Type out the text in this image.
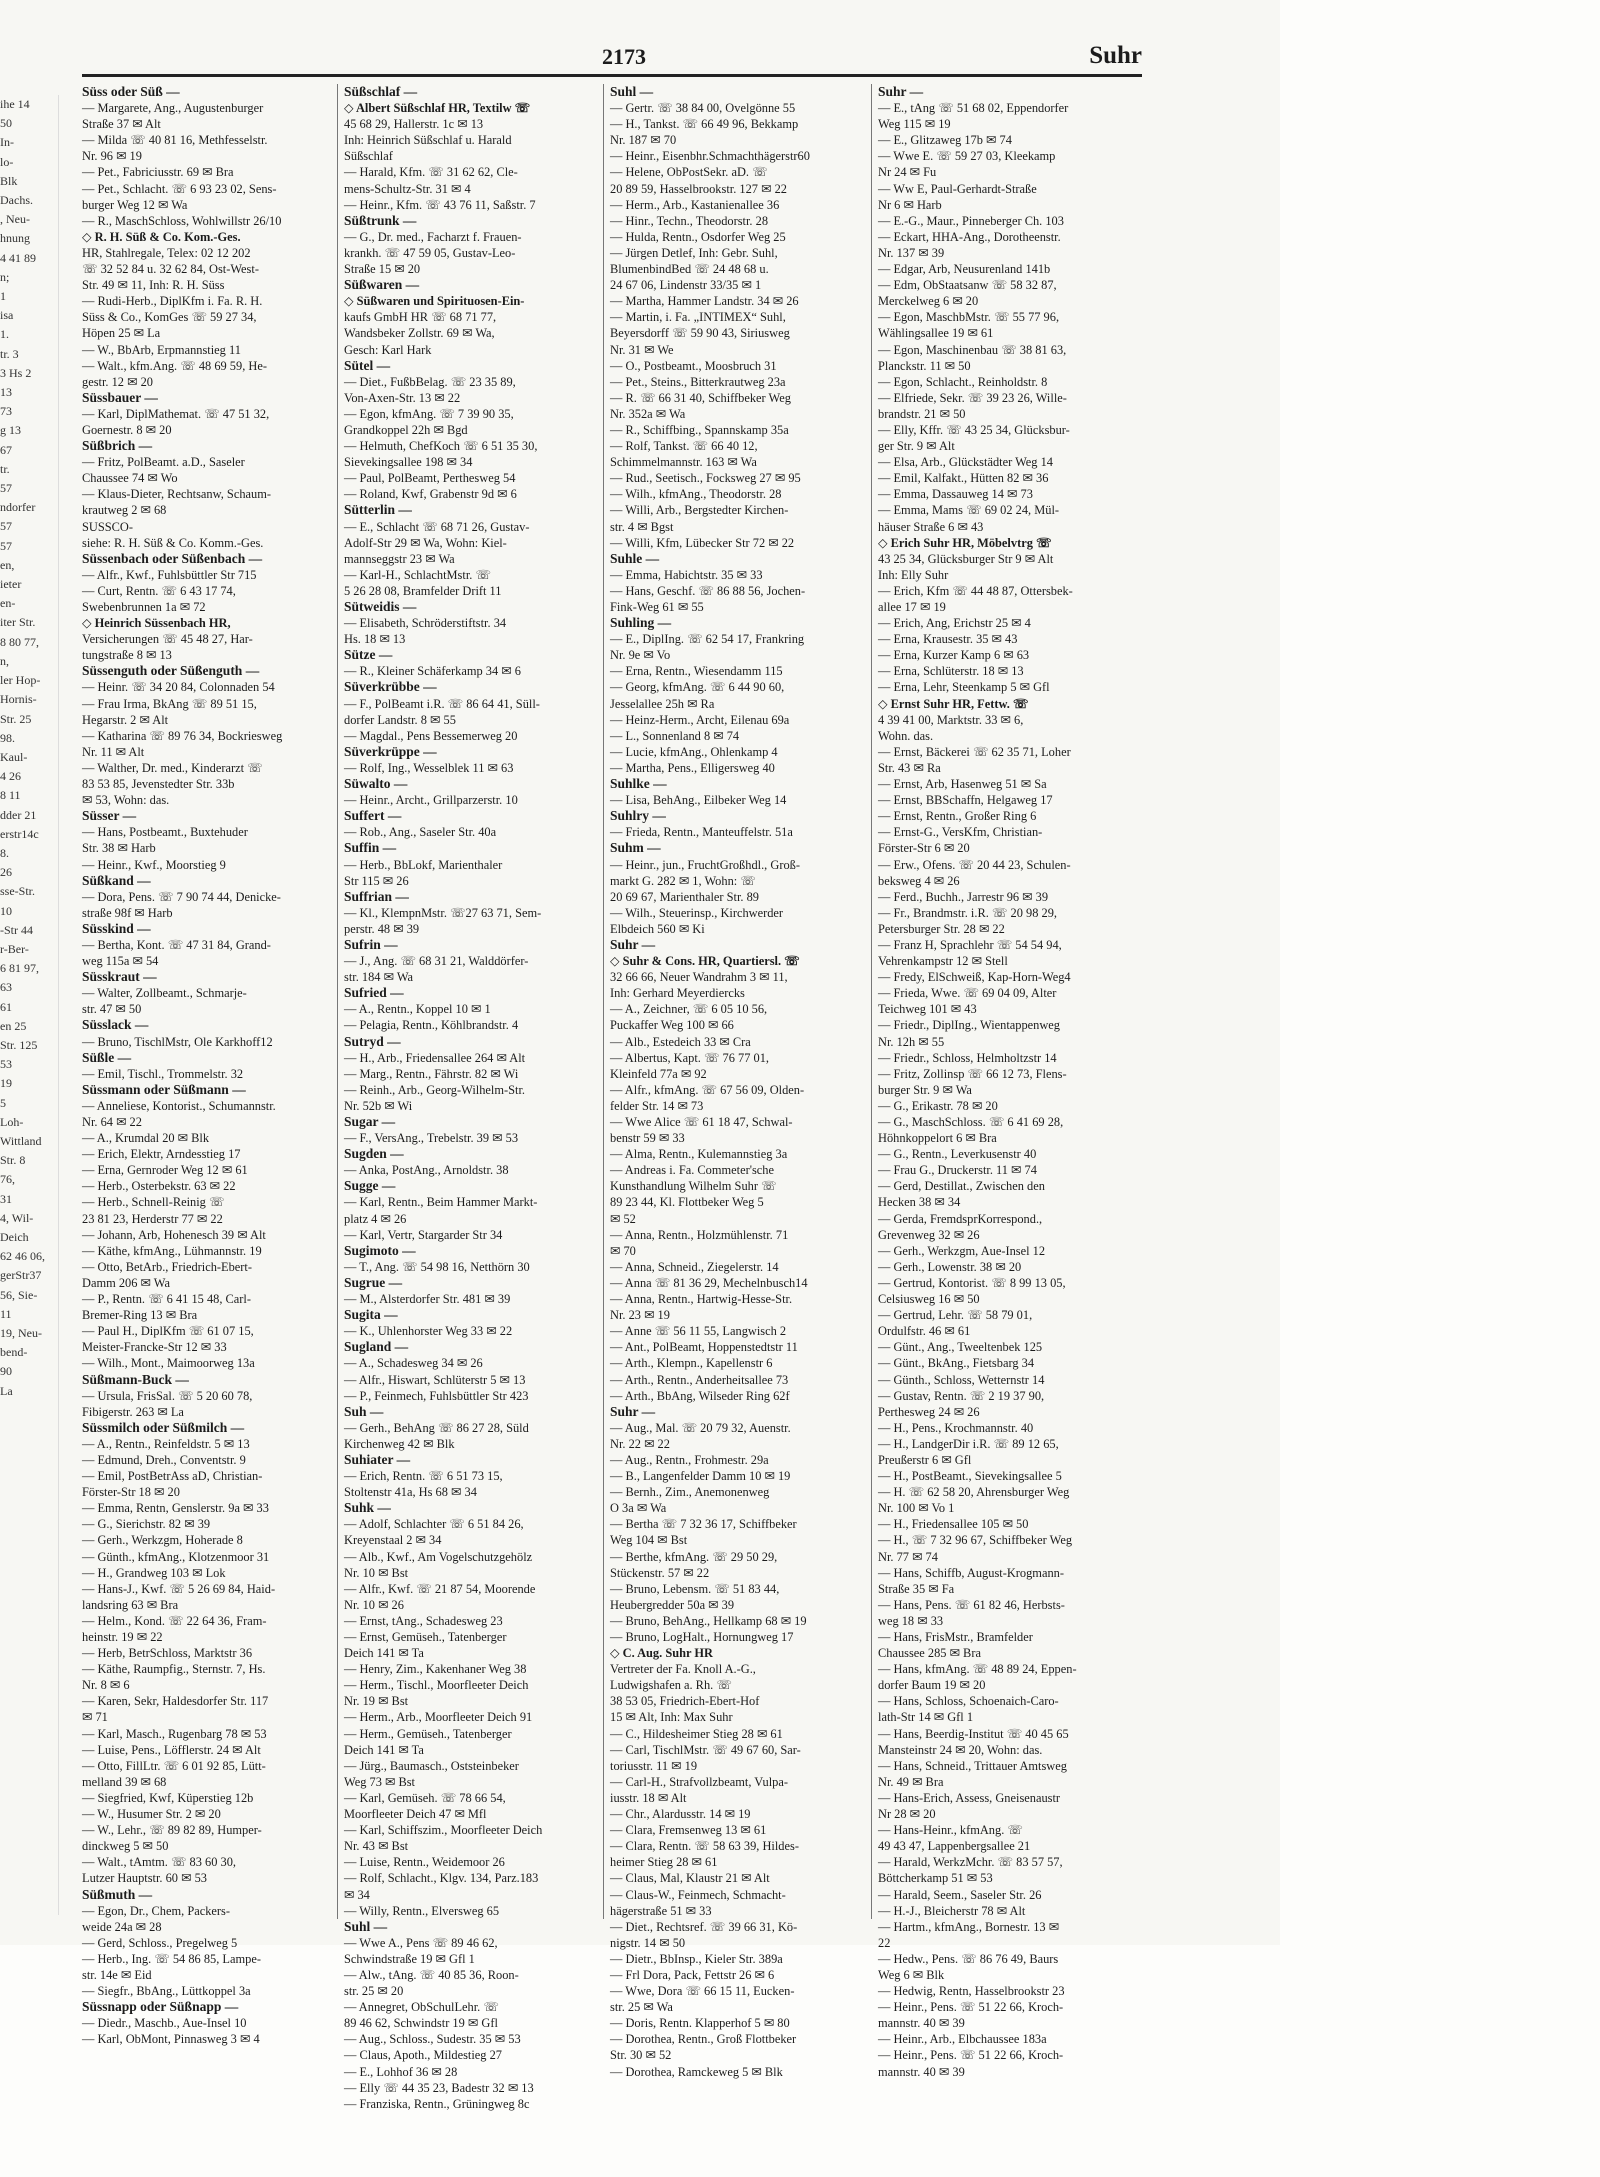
ihe 14
50
In-
lo-
Blk
Dachs.
, Neu-
hnung
4 41 89
n;
1
isa
1.
tr. 3
3 Hs 2
13
73
g 13
67
tr.
57
ndorfer
57
57
en,
ieter
en-
iter Str.
8 80 77,
n,
ler Hop-
Hornis-
Str. 25
98.
Kaul-
4 26
8 11
dder 21
erstr14c
8.
26
sse-Str.
10
-Str 44
r-Ber-
6 81 97,
63
61
en 25
Str. 125
53
19
5
Loh-
Wittland
Str. 8
76,
31
4, Wil-
Deich
62 46 06,
gerStr37
56, Sie-
11
19, Neu-
bend-
90
La
2173	Suhr
Süss oder Süß —
— Margarete, Ang., Augustenburger
Straße 37 ✉ Alt
— Milda ☏ 40 81 16, Methfesselstr.
Nr. 96 ✉ 19
— Pet., Fabriciusstr. 69 ✉ Bra
— Pet., Schlacht. ☏ 6 93 23 02, Sens-
burger Weg 12 ✉ Wa
— R., MaschSchloss, Wohlwillstr 26/10
◇ R. H. Süß & Co. Kom.-Ges.
HR, Stahlregale, Telex: 02 12 202
☏ 32 52 84 u. 32 62 84, Ost-West-
Str. 49 ✉ 11, Inh: R. H. Süss
— Rudi-Herb., DiplKfm i. Fa. R. H.
Süss & Co., KomGes ☏ 59 27 34,
Höpen 25 ✉ La
— W., BbArb, Erpmannstieg 11
— Walt., kfm.Ang. ☏ 48 69 59, He-
gestr. 12 ✉ 20
Süssbauer —
— Karl, DiplMathemat. ☏ 47 51 32,
Goernestr. 8 ✉ 20
Süßbrich —
— Fritz, PolBeamt. a.D., Saseler
Chaussee 74 ✉ Wo
— Klaus-Dieter, Rechtsanw, Schaum-
krautweg 2 ✉ 68
SUSSCO-
siehe: R. H. Süß & Co. Komm.-Ges.
Süssenbach oder Süßenbach —
— Alfr., Kwf., Fuhlsbüttler Str 715
— Curt, Rentn. ☏ 6 43 17 74,
Swebenbrunnen 1a ✉ 72
◇ Heinrich Süssenbach HR,
Versicherungen ☏ 45 48 27, Har-
tungstraße 8 ✉ 13
Süssenguth oder Süßenguth —
— Heinr. ☏ 34 20 84, Colonnaden 54
— Frau Irma, BkAng ☏ 89 51 15,
Hegarstr. 2 ✉ Alt
— Katharina ☏ 89 76 34, Bockriesweg
Nr. 11 ✉ Alt
— Walther, Dr. med., Kinderarzt ☏
83 53 85, Jevenstedter Str. 33b
✉ 53, Wohn: das.
Süsser —
— Hans, Postbeamt., Buxtehuder
Str. 38 ✉ Harb
— Heinr., Kwf., Moorstieg 9
Süßkand —
— Dora, Pens. ☏ 7 90 74 44, Denicke-
straße 98f ✉ Harb
Süsskind —
— Bertha, Kont. ☏ 47 31 84, Grand-
weg 115a ✉ 54
Süsskraut —
— Walter, Zollbeamt., Schmarje-
str. 47 ✉ 50
Süsslack —
— Bruno, TischlMstr, Ole Karkhoff12
Süßle —
— Emil, Tischl., Trommelstr. 32
Süssmann oder Süßmann —
— Anneliese, Kontorist., Schumannstr.
Nr. 64 ✉ 22
— A., Krumdal 20 ✉ Blk
— Erich, Elektr, Arndesstieg 17
— Erna, Gernroder Weg 12 ✉ 61
— Herb., Osterbekstr. 63 ✉ 22
— Herb., Schnell-Reinig ☏
23 81 23, Herderstr 77 ✉ 22
— Johann, Arb, Hohenesch 39 ✉ Alt
— Käthe, kfmAng., Lühmannstr. 19
— Otto, BetArb., Friedrich-Ebert-
Damm 206 ✉ Wa
— P., Rentn. ☏ 6 41 15 48, Carl-
Bremer-Ring 13 ✉ Bra
— Paul H., DiplKfm ☏ 61 07 15,
Meister-Francke-Str 12 ✉ 33
— Wilh., Mont., Maimoorweg 13a
Süßmann-Buck —
— Ursula, FrisSal. ☏ 5 20 60 78,
Fibigerstr. 263 ✉ La
Süssmilch oder Süßmilch —
— A., Rentn., Reinfeldstr. 5 ✉ 13
— Edmund, Dreh., Conventstr. 9
— Emil, PostBetrAss aD, Christian-
Förster-Str 18 ✉ 20
— Emma, Rentn, Genslerstr. 9a ✉ 33
— G., Sierichstr. 82 ✉ 39
— Gerh., Werkzgm, Hoherade 8
— Günth., kfmAng., Klotzenmoor 31
— H., Grandweg 103 ✉ Lok
— Hans-J., Kwf. ☏ 5 26 69 84, Haid-
landsring 63 ✉ Bra
— Helm., Kond. ☏ 22 64 36, Fram-
heinstr. 19 ✉ 22
— Herb, BetrSchloss, Marktstr 36
— Käthe, Raumpfig., Sternstr. 7, Hs.
Nr. 8 ✉ 6
— Karen, Sekr, Haldesdorfer Str. 117
✉ 71
— Karl, Masch., Rugenbarg 78 ✉ 53
— Luise, Pens., Löfflerstr. 24 ✉ Alt
— Otto, FillLtr. ☏ 6 01 92 85, Lütt-
melland 39 ✉ 68
— Siegfried, Kwf, Küperstieg 12b
— W., Husumer Str. 2 ✉ 20
— W., Lehr., ☏ 89 82 89, Humper-
dinckweg 5 ✉ 50
— Walt., tAmtm. ☏ 83 60 30,
Lutzer Hauptstr. 60 ✉ 53
Süßmuth —
— Egon, Dr., Chem, Packers-
weide 24a ✉ 28
— Gerd, Schloss., Pregelweg 5
— Herb., Ing. ☏ 54 86 85, Lampe-
str. 14e ✉ Eid
— Siegfr., BbAng., Lüttkoppel 3a
Süssnapp oder Süßnapp —
— Diedr., Maschb., Aue-Insel 10
— Karl, ObMont, Pinnasweg 3 ✉ 4
Süßschlaf —
◇ Albert Süßschlaf HR, Textilw ☏
45 68 29, Hallerstr. 1c ✉ 13
Inh: Heinrich Süßschlaf u. Harald
Süßschlaf
— Harald, Kfm. ☏ 31 62 62, Cle-
mens-Schultz-Str. 31 ✉ 4
— Heinr., Kfm. ☏ 43 76 11, Saßstr. 7
Süßtrunk —
— G., Dr. med., Facharzt f. Frauen-
krankh. ☏ 47 59 05, Gustav-Leo-
Straße 15 ✉ 20
Süßwaren —
◇ Süßwaren und Spirituosen-Ein-
kaufs GmbH HR ☏ 68 71 77,
Wandsbeker Zollstr. 69 ✉ Wa,
Gesch: Karl Hark
Sütel —
— Diet., FußbBelag. ☏ 23 35 89,
Von-Axen-Str. 13 ✉ 22
— Egon, kfmAng. ☏ 7 39 90 35,
Grandkoppel 22h ✉ Bgd
— Helmuth, ChefKoch ☏ 6 51 35 30,
Sievekingsallee 198 ✉ 34
— Paul, PolBeamt, Perthesweg 54
— Roland, Kwf, Grabenstr 9d ✉ 6
Sütterlin —
— E., Schlacht ☏ 68 71 26, Gustav-
Adolf-Str 29 ✉ Wa, Wohn: Kiel-
mannseggstr 23 ✉ Wa
— Karl-H., SchlachtMstr. ☏
5 26 28 08, Bramfelder Drift 11
Sütweidis —
— Elisabeth, Schröderstiftstr. 34
Hs. 18 ✉ 13
Sütze —
— R., Kleiner Schäferkamp 34 ✉ 6
Süverkrübbe —
— F., PolBeamt i.R. ☏ 86 64 41, Süll-
dorfer Landstr. 8 ✉ 55
— Magdal., Pens Bessemerweg 20
Süverkrüppe —
— Rolf, Ing., Wesselblek 11 ✉ 63
Süwalto —
— Heinr., Archt., Grillparzerstr. 10
Suffert —
— Rob., Ang., Saseler Str. 40a
Suffin —
— Herb., BbLokf, Marienthaler
Str 115 ✉ 26
Suffrian —
— Kl., KlempnMstr. ☏27 63 71, Sem-
perstr. 48 ✉ 39
Sufrin —
— J., Ang. ☏ 68 31 21, Walddörfer-
str. 184 ✉ Wa
Sufried —
— A., Rentn., Koppel 10 ✉ 1
— Pelagia, Rentn., Köhlbrandstr. 4
Sutryd —
— H., Arb., Friedensallee 264 ✉ Alt
— Marg., Rentn., Fährstr. 82 ✉ Wi
— Reinh., Arb., Georg-Wilhelm-Str.
Nr. 52b ✉ Wi
Sugar —
— F., VersAng., Trebelstr. 39 ✉ 53
Sugden —
— Anka, PostAng., Arnoldstr. 38
Sugge —
— Karl, Rentn., Beim Hammer Markt-
platz 4 ✉ 26
— Karl, Vertr, Stargarder Str 34
Sugimoto —
— T., Ang. ☏ 54 98 16, Netthörn 30
Sugrue —
— M., Alsterdorfer Str. 481 ✉ 39
Sugita —
— K., Uhlenhorster Weg 33 ✉ 22
Sugland —
— A., Schadesweg 34 ✉ 26
— Alfr., Hiswart, Schlüterstr 5 ✉ 13
— P., Feinmech, Fuhlsbüttler Str 423
Suh —
— Gerh., BehAng ☏ 86 27 28, Süld
Kirchenweg 42 ✉ Blk
Suhiater —
— Erich, Rentn. ☏ 6 51 73 15,
Stoltenstr 41a, Hs 68 ✉ 34
Suhk —
— Adolf, Schlachter ☏ 6 51 84 26,
Kreyenstaal 2 ✉ 34
— Alb., Kwf., Am Vogelschutzgehölz
Nr. 10 ✉ Bst
— Alfr., Kwf. ☏ 21 87 54, Moorende
Nr. 10 ✉ 26
— Ernst, tAng., Schadesweg 23
— Ernst, Gemüseh., Tatenberger
Deich 141 ✉ Ta
— Henry, Zim., Kakenhaner Weg 38
— Herm., Tischl., Moorfleeter Deich
Nr. 19 ✉ Bst
— Herm., Arb., Moorfleeter Deich 91
— Herm., Gemüseh., Tatenberger
Deich 141 ✉ Ta
— Jürg., Baumasch., Oststeinbeker
Weg 73 ✉ Bst
— Karl, Gemüseh. ☏ 78 66 54,
Moorfleeter Deich 47 ✉ Mfl
— Karl, Schiffszim., Moorfleeter Deich
Nr. 43 ✉ Bst
— Luise, Rentn., Weidemoor 26
— Rolf, Schlacht., Klgv. 134, Parz.183
✉ 34
— Willy, Rentn., Elversweg 65
Suhl —
— Wwe A., Pens ☏ 89 46 62,
Schwindstraße 19 ✉ Gfl 1
— Alw., tAng. ☏ 40 85 36, Roon-
str. 25 ✉ 20
— Annegret, ObSchulLehr. ☏
89 46 62, Schwindstr 19 ✉ Gfl
— Aug., Schloss., Sudestr. 35 ✉ 53
— Claus, Apoth., Mildestieg 27
— E., Lohhof 36 ✉ 28
— Elly ☏ 44 35 23, Badestr 32 ✉ 13
— Franziska, Rentn., Grüningweg 8c
Suhl —
— Gertr. ☏ 38 84 00, Ovelgönne 55
— H., Tankst. ☏ 66 49 96, Bekkamp
Nr. 187 ✉ 70
— Heinr., Eisenbhr.Schmachthägerstr60
— Helene, ObPostSekr. aD. ☏
20 89 59, Hasselbrookstr. 127 ✉ 22
— Herm., Arb., Kastanienallee 36
— Hinr., Techn., Theodorstr. 28
— Hulda, Rentn., Osdorfer Weg 25
— Jürgen Detlef, Inh: Gebr. Suhl,
BlumenbindBed ☏ 24 48 68 u.
24 67 06, Lindenstr 33/35 ✉ 1
— Martha, Hammer Landstr. 34 ✉ 26
— Martin, i. Fa. „INTIMEX“ Suhl,
Beyersdorff ☏ 59 90 43, Siriusweg
Nr. 31 ✉ We
— O., Postbeamt., Moosbruch 31
— Pet., Steins., Bitterkrautweg 23a
— R. ☏ 66 31 40, Schiffbeker Weg
Nr. 352a ✉ Wa
— R., Schiffbing., Spannskamp 35a
— Rolf, Tankst. ☏ 66 40 12,
Schimmelmannstr. 163 ✉ Wa
— Rud., Seetisch., Focksweg 27 ✉ 95
— Wilh., kfmAng., Theodorstr. 28
— Willi, Arb., Bergstedter Kirchen-
str. 4 ✉ Bgst
— Willi, Kfm, Lübecker Str 72 ✉ 22
Suhle —
— Emma, Habichtstr. 35 ✉ 33
— Hans, Geschf. ☏ 86 88 56, Jochen-
Fink-Weg 61 ✉ 55
Suhling —
— E., DiplIng. ☏ 62 54 17, Frankring
Nr. 9e ✉ Vo
— Erna, Rentn., Wiesendamm 115
— Georg, kfmAng. ☏ 6 44 90 60,
Jesselallee 25h ✉ Ra
— Heinz-Herm., Archt, Eilenau 69a
— L., Sonnenland 8 ✉ 74
— Lucie, kfmAng., Ohlenkamp 4
— Martha, Pens., Elligersweg 40
Suhlke —
— Lisa, BehAng., Eilbeker Weg 14
Suhlry —
— Frieda, Rentn., Manteuffelstr. 51a
Suhm —
— Heinr., jun., FruchtGroßhdl., Groß-
markt G. 282 ✉ 1, Wohn: ☏
20 69 67, Marienthaler Str. 89
— Wilh., Steuerinsp., Kirchwerder
Elbdeich 560 ✉ Ki
Suhr —
◇ Suhr & Cons. HR, Quartiersl. ☏
32 66 66, Neuer Wandrahm 3 ✉ 11,
Inh: Gerhard Meyerdiercks
— A., Zeichner, ☏ 6 05 10 56,
Puckaffer Weg 100 ✉ 66
— Alb., Estedeich 33 ✉ Cra
— Albertus, Kapt. ☏ 76 77 01,
Kleinfeld 77a ✉ 92
— Alfr., kfmAng. ☏ 67 56 09, Olden-
felder Str. 14 ✉ 73
— Wwe Alice ☏ 61 18 47, Schwal-
benstr 59 ✉ 33
— Alma, Rentn., Kulemannstieg 3a
— Andreas i. Fa. Commeter'sche
Kunsthandlung Wilhelm Suhr ☏
89 23 44, Kl. Flottbeker Weg 5
✉ 52
— Anna, Rentn., Holzmühlenstr. 71
✉ 70
— Anna, Schneid., Ziegelerstr. 14
— Anna ☏ 81 36 29, Mechelnbusch14
— Anna, Rentn., Hartwig-Hesse-Str.
Nr. 23 ✉ 19
— Anne ☏ 56 11 55, Langwisch 2
— Ant., PolBeamt, Hoppenstedtstr 11
— Arth., Klempn., Kapellenstr 6
— Arth., Rentn., Anderheitsallee 73
— Arth., BbAng, Wilseder Ring 62f
Suhr —
— Aug., Mal. ☏ 20 79 32, Auenstr.
Nr. 22 ✉ 22
— Aug., Rentn., Frohmestr. 29a
— B., Langenfelder Damm 10 ✉ 19
— Bernh., Zim., Anemonenweg
O 3a ✉ Wa
— Bertha ☏ 7 32 36 17, Schiffbeker
Weg 104 ✉ Bst
— Berthe, kfmAng. ☏ 29 50 29,
Stückenstr. 57 ✉ 22
— Bruno, Lebensm. ☏ 51 83 44,
Heubergredder 50a ✉ 39
— Bruno, BehAng., Hellkamp 68 ✉ 19
— Bruno, LogHalt., Hornungweg 17
◇ C. Aug. Suhr HR
Vertreter der Fa. Knoll A.-G.,
Ludwigshafen a. Rh. ☏
38 53 05, Friedrich-Ebert-Hof
15 ✉ Alt, Inh: Max Suhr
— C., Hildesheimer Stieg 28 ✉ 61
— Carl, TischlMstr. ☏ 49 67 60, Sar-
toriusstr. 11 ✉ 19
— Carl-H., Strafvollzbeamt, Vulpa-
iusstr. 18 ✉ Alt
— Chr., Alardusstr. 14 ✉ 19
— Clara, Fremsenweg 13 ✉ 61
— Clara, Rentn. ☏ 58 63 39, Hildes-
heimer Stieg 28 ✉ 61
— Claus, Mal, Klaustr 21 ✉ Alt
— Claus-W., Feinmech, Schmacht-
hägerstraße 51 ✉ 33
— Diet., Rechtsref. ☏ 39 66 31, Kö-
nigstr. 14 ✉ 50
— Dietr., BbInsp., Kieler Str. 389a
— Frl Dora, Pack, Fettstr 26 ✉ 6
— Wwe, Dora ☏ 66 15 11, Eucken-
str. 25 ✉ Wa
— Doris, Rentn. Klapperhof 5 ✉ 80
— Dorothea, Rentn., Groß Flottbeker
Str. 30 ✉ 52
— Dorothea, Ramckeweg 5 ✉ Blk
Suhr —
— E., tAng ☏ 51 68 02, Eppendorfer
Weg 115 ✉ 19
— E., Glitzaweg 17b ✉ 74
— Wwe E. ☏ 59 27 03, Kleekamp
Nr 24 ✉ Fu
— Ww E, Paul-Gerhardt-Straße
Nr 6 ✉ Harb
— E.-G., Maur., Pinneberger Ch. 103
— Eckart, HHA-Ang., Dorotheenstr.
Nr. 137 ✉ 39
— Edgar, Arb, Neusurenland 141b
— Edm, ObStaatsanw ☏ 58 32 87,
Merckelweg 6 ✉ 20
— Egon, MaschbMstr. ☏ 55 77 96,
Wählingsallee 19 ✉ 61
— Egon, Maschinenbau ☏ 38 81 63,
Planckstr. 11 ✉ 50
— Egon, Schlacht., Reinholdstr. 8
— Elfriede, Sekr. ☏ 39 23 26, Wille-
brandstr. 21 ✉ 50
— Elly, Kffr. ☏ 43 25 34, Glücksbur-
ger Str. 9 ✉ Alt
— Elsa, Arb., Glückstädter Weg 14
— Emil, Kalfakt., Hütten 82 ✉ 36
— Emma, Dassauweg 14 ✉ 73
— Emma, Mams ☏ 69 02 24, Mül-
häuser Straße 6 ✉ 43
◇ Erich Suhr HR, Möbelvtrg ☏
43 25 34, Glücksburger Str 9 ✉ Alt
Inh: Elly Suhr
— Erich, Kfm ☏ 44 48 87, Ottersbek-
allee 17 ✉ 19
— Erich, Ang, Erichstr 25 ✉ 4
— Erna, Krausestr. 35 ✉ 43
— Erna, Kurzer Kamp 6 ✉ 63
— Erna, Schlüterstr. 18 ✉ 13
— Erna, Lehr, Steenkamp 5 ✉ Gfl
◇ Ernst Suhr HR, Fettw. ☏
4 39 41 00, Marktstr. 33 ✉ 6,
Wohn. das.
— Ernst, Bäckerei ☏ 62 35 71, Loher
Str. 43 ✉ Ra
— Ernst, Arb, Hasenweg 51 ✉ Sa
— Ernst, BBSchaffn, Helgaweg 17
— Ernst, Rentn., Großer Ring 6
— Ernst-G., VersKfm, Christian-
Förster-Str 6 ✉ 20
— Erw., Ofens. ☏ 20 44 23, Schulen-
beksweg 4 ✉ 26
— Ferd., Buchh., Jarrestr 96 ✉ 39
— Fr., Brandmstr. i.R. ☏ 20 98 29,
Petersburger Str. 28 ✉ 22
— Franz H, Sprachlehr ☏ 54 54 94,
Vehrenkampstr 12 ✉ Stell
— Fredy, ElSchweiß, Kap-Horn-Weg4
— Frieda, Wwe. ☏ 69 04 09, Alter
Teichweg 101 ✉ 43
— Friedr., DiplIng., Wientappenweg
Nr. 12h ✉ 55
— Friedr., Schloss, Helmholtzstr 14
— Fritz, Zollinsp ☏ 66 12 73, Flens-
burger Str. 9 ✉ Wa
— G., Erikastr. 78 ✉ 20
— G., MaschSchloss. ☏ 6 41 69 28,
Höhnkoppelort 6 ✉ Bra
— G., Rentn., Leverkusenstr 40
— Frau G., Druckerstr. 11 ✉ 74
— Gerd, Destillat., Zwischen den
Hecken 38 ✉ 34
— Gerda, FremdsprKorrespond.,
Grevenweg 32 ✉ 26
— Gerh., Werkzgm, Aue-Insel 12
— Gerh., Lowenstr. 38 ✉ 20
— Gertrud, Kontorist. ☏ 8 99 13 05,
Celsiusweg 16 ✉ 50
— Gertrud, Lehr. ☏ 58 79 01,
Ordulfstr. 46 ✉ 61
— Günt., Ang., Tweeltenbek 125
— Günt., BkAng., Fietsbarg 34
— Günth., Schloss, Wetternstr 14
— Gustav, Rentn. ☏ 2 19 37 90,
Perthesweg 24 ✉ 26
— H., Pens., Krochmannstr. 40
— H., LandgerDir i.R. ☏ 89 12 65,
Preußerstr 6 ✉ Gfl
— H., PostBeamt., Sievekingsallee 5
— H. ☏ 62 58 20, Ahrensburger Weg
Nr. 100 ✉ Vo 1
— H., Friedensallee 105 ✉ 50
— H., ☏ 7 32 96 67, Schiffbeker Weg
Nr. 77 ✉ 74
— Hans, Schiffb, August-Krogmann-
Straße 35 ✉ Fa
— Hans, Pens. ☏ 61 82 46, Herbsts-
weg 18 ✉ 33
— Hans, FrisMstr., Bramfelder
Chaussee 285 ✉ Bra
— Hans, kfmAng. ☏ 48 89 24, Eppen-
dorfer Baum 19 ✉ 20
— Hans, Schloss, Schoenaich-Caro-
lath-Str 14 ✉ Gfl 1
— Hans, Beerdig-Institut ☏ 40 45 65
Mansteinstr 24 ✉ 20, Wohn: das.
— Hans, Schneid., Trittauer Amtsweg
Nr. 49 ✉ Bra
— Hans-Erich, Assess, Gneisenaustr
Nr 28 ✉ 20
— Hans-Heinr., kfmAng. ☏
49 43 47, Lappenbergsallee 21
— Harald, WerkzMchr. ☏ 83 57 57,
Böttcherkamp 51 ✉ 53
— Harald, Seem., Saseler Str. 26
— H.-J., Bleicherstr 78 ✉ Alt
— Hartm., kfmAng., Bornestr. 13 ✉
22
— Hedw., Pens. ☏ 86 76 49, Baurs
Weg 6 ✉ Blk
— Hedwig, Rentn, Hasselbrookstr 23
— Heinr., Pens. ☏ 51 22 66, Kroch-
mannstr. 40 ✉ 39
— Heinr., Arb., Elbchaussee 183a
— Heinr., Pens. ☏ 51 22 66, Kroch-
mannstr. 40 ✉ 39
